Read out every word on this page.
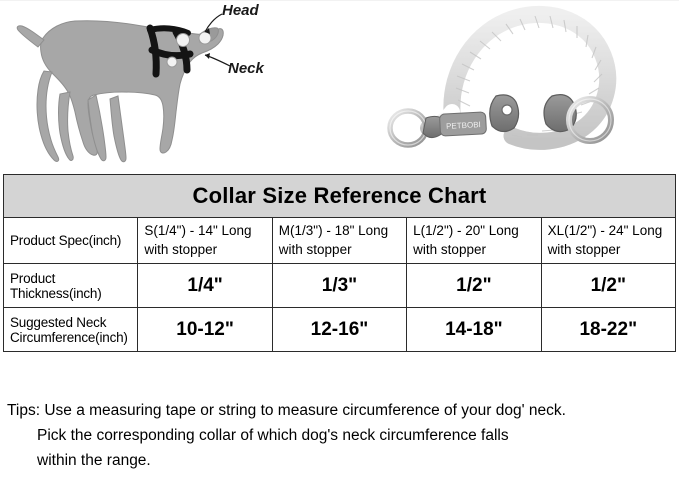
Head
Neck
PETBOBI
Collar Size Reference Chart				
Product Spec(inch)	S(1/4") - 14" Long with stopper	M(1/3") - 18" Long with stopper	L(1/2") - 20" Long with stopper	XL(1/2") - 24" Long with stopper
Product Thickness(inch)	1/4"	1/3"	1/2"	1/2"
Suggested Neck Circumference(inch)	10-12"	12-16"	14-18"	18-22"
Tips: Use a measuring tape or string to measure circumference of your dog' neck.
Pick the corresponding collar of which dog's neck circumference falls
within the range.
